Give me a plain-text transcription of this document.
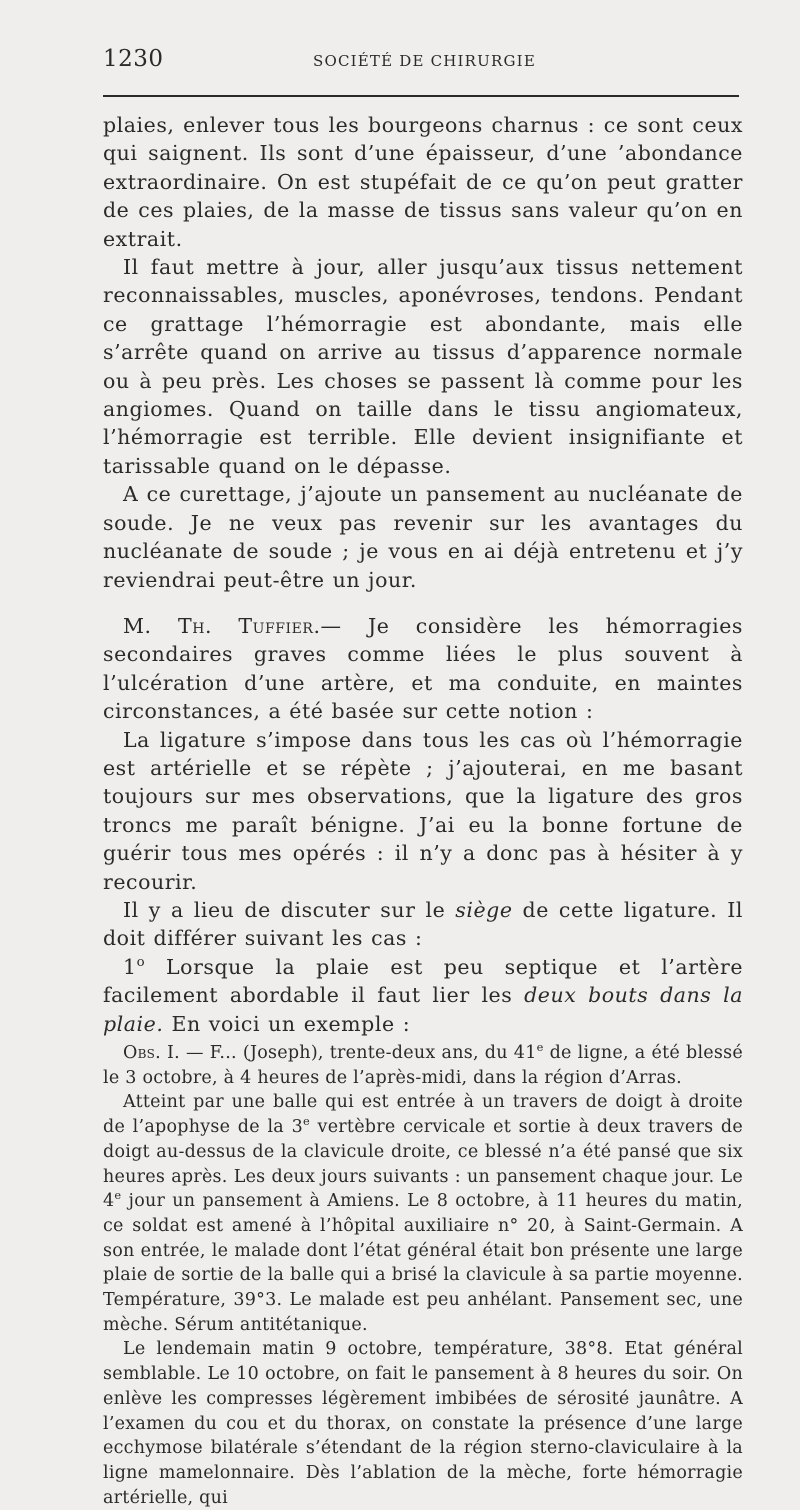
1230	SOCIÉTÉ DE CHIRURGIE

plaies, enlever tous les bourgeons charnus : ce sont ceux qui saignent. Ils sont d’une épaisseur, d’une ’abondance extraordinaire. On est stupéfait de ce qu’on peut gratter de ces plaies, de la masse de tissus sans valeur qu’on en extrait.

Il faut mettre à jour, aller jusqu’aux tissus nettement reconnaissables, muscles, aponévroses, tendons. Pendant ce grattage l’hémorragie est abondante, mais elle s’arrête quand on arrive au tissus d’apparence normale ou à peu près. Les choses se passent là comme pour les angiomes. Quand on taille dans le tissu angiomateux, l’hémorragie est terrible. Elle devient insignifiante et tarissable quand on le dépasse.

A ce curettage, j’ajoute un pansement au nucléanate de soude. Je ne veux pas revenir sur les avantages du nucléanate de soude ; je vous en ai déjà entretenu et j’y reviendrai peut-être un jour.

M. Th. Tuffier.— Je considère les hémorragies secondaires graves comme liées le plus souvent à l’ulcération d’une artère, et ma conduite, en maintes circonstances, a été basée sur cette notion :

La ligature s’impose dans tous les cas où l’hémorragie est artérielle et se répète ; j’ajouterai, en me basant toujours sur mes observations, que la ligature des gros troncs me paraît bénigne. J’ai eu la bonne fortune de guérir tous mes opérés : il n’y a donc pas à hésiter à y recourir.

Il y a lieu de discuter sur le siège de cette ligature. Il doit différer suivant les cas :

1$^o$ Lorsque la plaie est peu septique et l’artère facilement abordable il faut lier les deux bouts dans la plaie. En voici un exemple :

Obs. I. — F... (Joseph), trente-deux ans, du 41e de ligne, a été blessé le 3 octobre, à 4 heures de l’après-midi, dans la région d’Arras.

Atteint par une balle qui est entrée à un travers de doigt à droite de l’apophyse de la 3e vertèbre cervicale et sortie à deux travers de doigt au-dessus de la clavicule droite, ce blessé n’a été pansé que six heures après. Les deux jours suivants : un pansement chaque jour. Le 4e jour un pansement à Amiens. Le 8 octobre, à 11 heures du matin, ce soldat est amené à l’hôpital auxiliaire n° 20, à Saint-Germain. A son entrée, le malade dont l’état général était bon présente une large plaie de sortie de la balle qui a brisé la clavicule à sa partie moyenne. Température, 39°3. Le malade est peu anhélant. Pansement sec, une mèche. Sérum antitétanique.

Le lendemain matin 9 octobre, température, 38°8. Etat général semblable. Le 10 octobre, on fait le pansement à 8 heures du soir. On enlève les compresses légèrement imbibées de sérosité jaunâtre. A l’examen du cou et du thorax, on constate la présence d’une large ecchymose bilatérale s’étendant de la région sterno-claviculaire à la ligne mamelonnaire. Dès l’ablation de la mèche, forte hémorragie artérielle, qui
